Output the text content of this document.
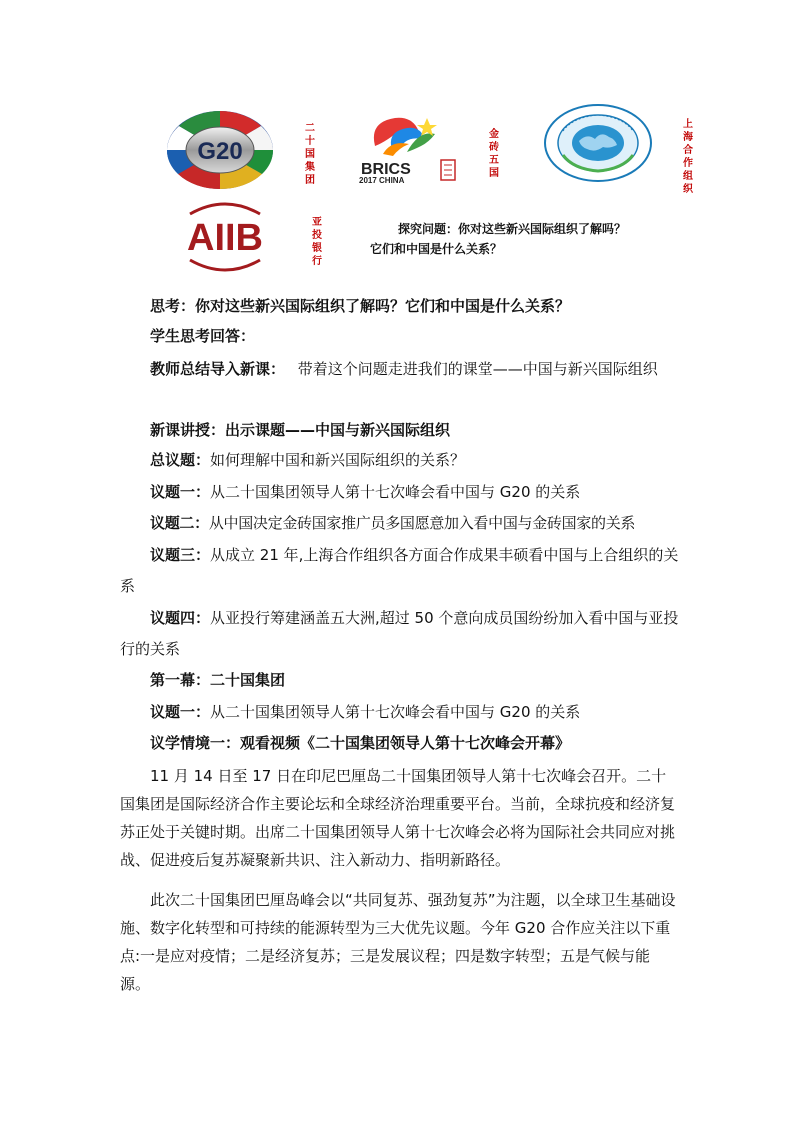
G20
二十国集团
BRICS
2017 CHINA
金砖五国
上海合作组织
AIIB	亚投银行
探究问题：你对这些新兴国际组织了解吗？
它们和中国是什么关系？
思考：你对这些新兴国际组织了解吗？它们和中国是什么关系？
学生思考回答：
教师总结导入新课： 带着这个问题走进我们的课堂——中国与新兴国际组织
新课讲授：出示课题——中国与新兴国际组织
总议题：如何理解中国和新兴国际组织的关系？
议题一：从二十国集团领导人第十七次峰会看中国与 G20 的关系
议题二：从中国决定金砖国家推广员多国愿意加入看中国与金砖国家的关系
议题三：从成立 21 年,上海合作组织各方面合作成果丰硕看中国与上合组织的关系
议题四：从亚投行筹建涵盖五大洲,超过 50 个意向成员国纷纷加入看中国与亚投行的关系
第一幕：二十国集团
议题一：从二十国集团领导人第十七次峰会看中国与 G20 的关系
议学情境一：观看视频《二十国集团领导人第十七次峰会开幕》
11 月 14 日至 17 日在印尼巴厘岛二十国集团领导人第十七次峰会召开。二十国集团是国际经济合作主要论坛和全球经济治理重要平台。当前，全球抗疫和经济复苏正处于关键时期。出席二十国集团领导人第十七次峰会必将为国际社会共同应对挑战、促进疫后复苏凝聚新共识、注入新动力、指明新路径。
此次二十国集团巴厘岛峰会以“共同复苏、强劲复苏”为注题，以全球卫生基础设施、数字化转型和可持续的能源转型为三大优先议题。今年 G20 合作应关注以下重点:一是应对疫情；二是经济复苏；三是发展议程；四是数字转型；五是气候与能源。
